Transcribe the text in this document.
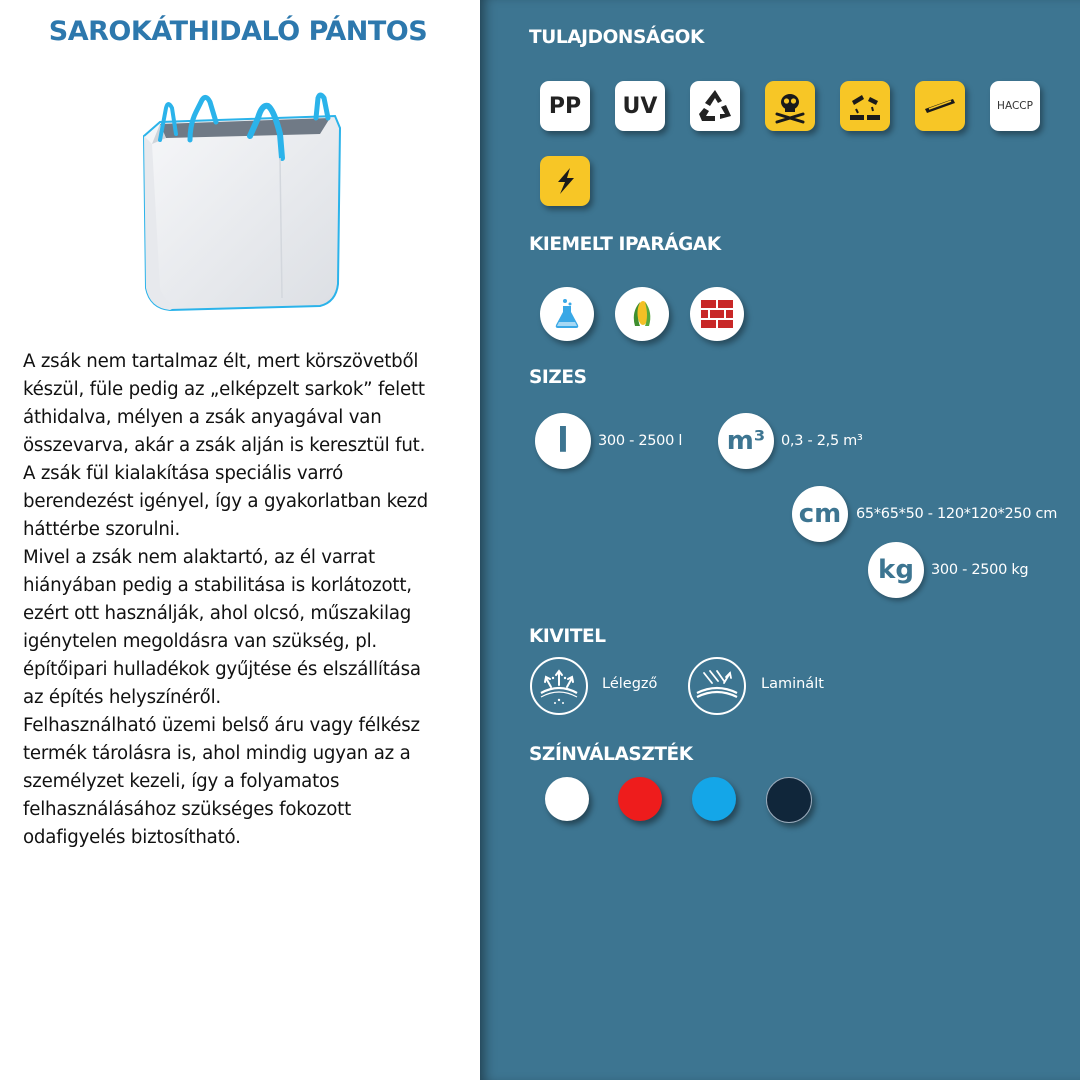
SAROKÁTHIDALÓ PÁNTOS

A zsák nem tartalmaz élt, mert körszövetből

készül, füle pedig az „elképzelt sarkok” felett

áthidalva, mélyen a zsák anyagával van

összevarva, akár a zsák alján is keresztül fut.

A zsák fül kialakítása speciális varró

berendezést igényel, így a gyakorlatban kezd

háttérbe szorulni.

Mivel a zsák nem alaktartó, az él varrat

hiányában pedig a stabilitása is korlátozott,

ezért ott használják, ahol olcsó, műszakilag

igénytelen megoldásra van szükség, pl.

építőipari hulladékok gyűjtése és elszállítása

az építés helyszínéről.

Felhasználható üzemi belső áru vagy félkész

termék tárolásra is, ahol mindig ugyan az a

személyzet kezeli, így a folyamatos

felhasználásához szükséges fokozott

odafigyelés biztosítható.

TULAJDONSÁGOK
PP UV	HACCP
KIEMELT IPARÁGAK
SIZES
l 300 - 2500 l m³ 0,3 - 2,5 m³
cm 65*65*50 - 120*120*250 cm
kg 300 - 2500 kg
KIVITEL
Lélegző	Laminált
SZÍNVÁLASZTÉK
